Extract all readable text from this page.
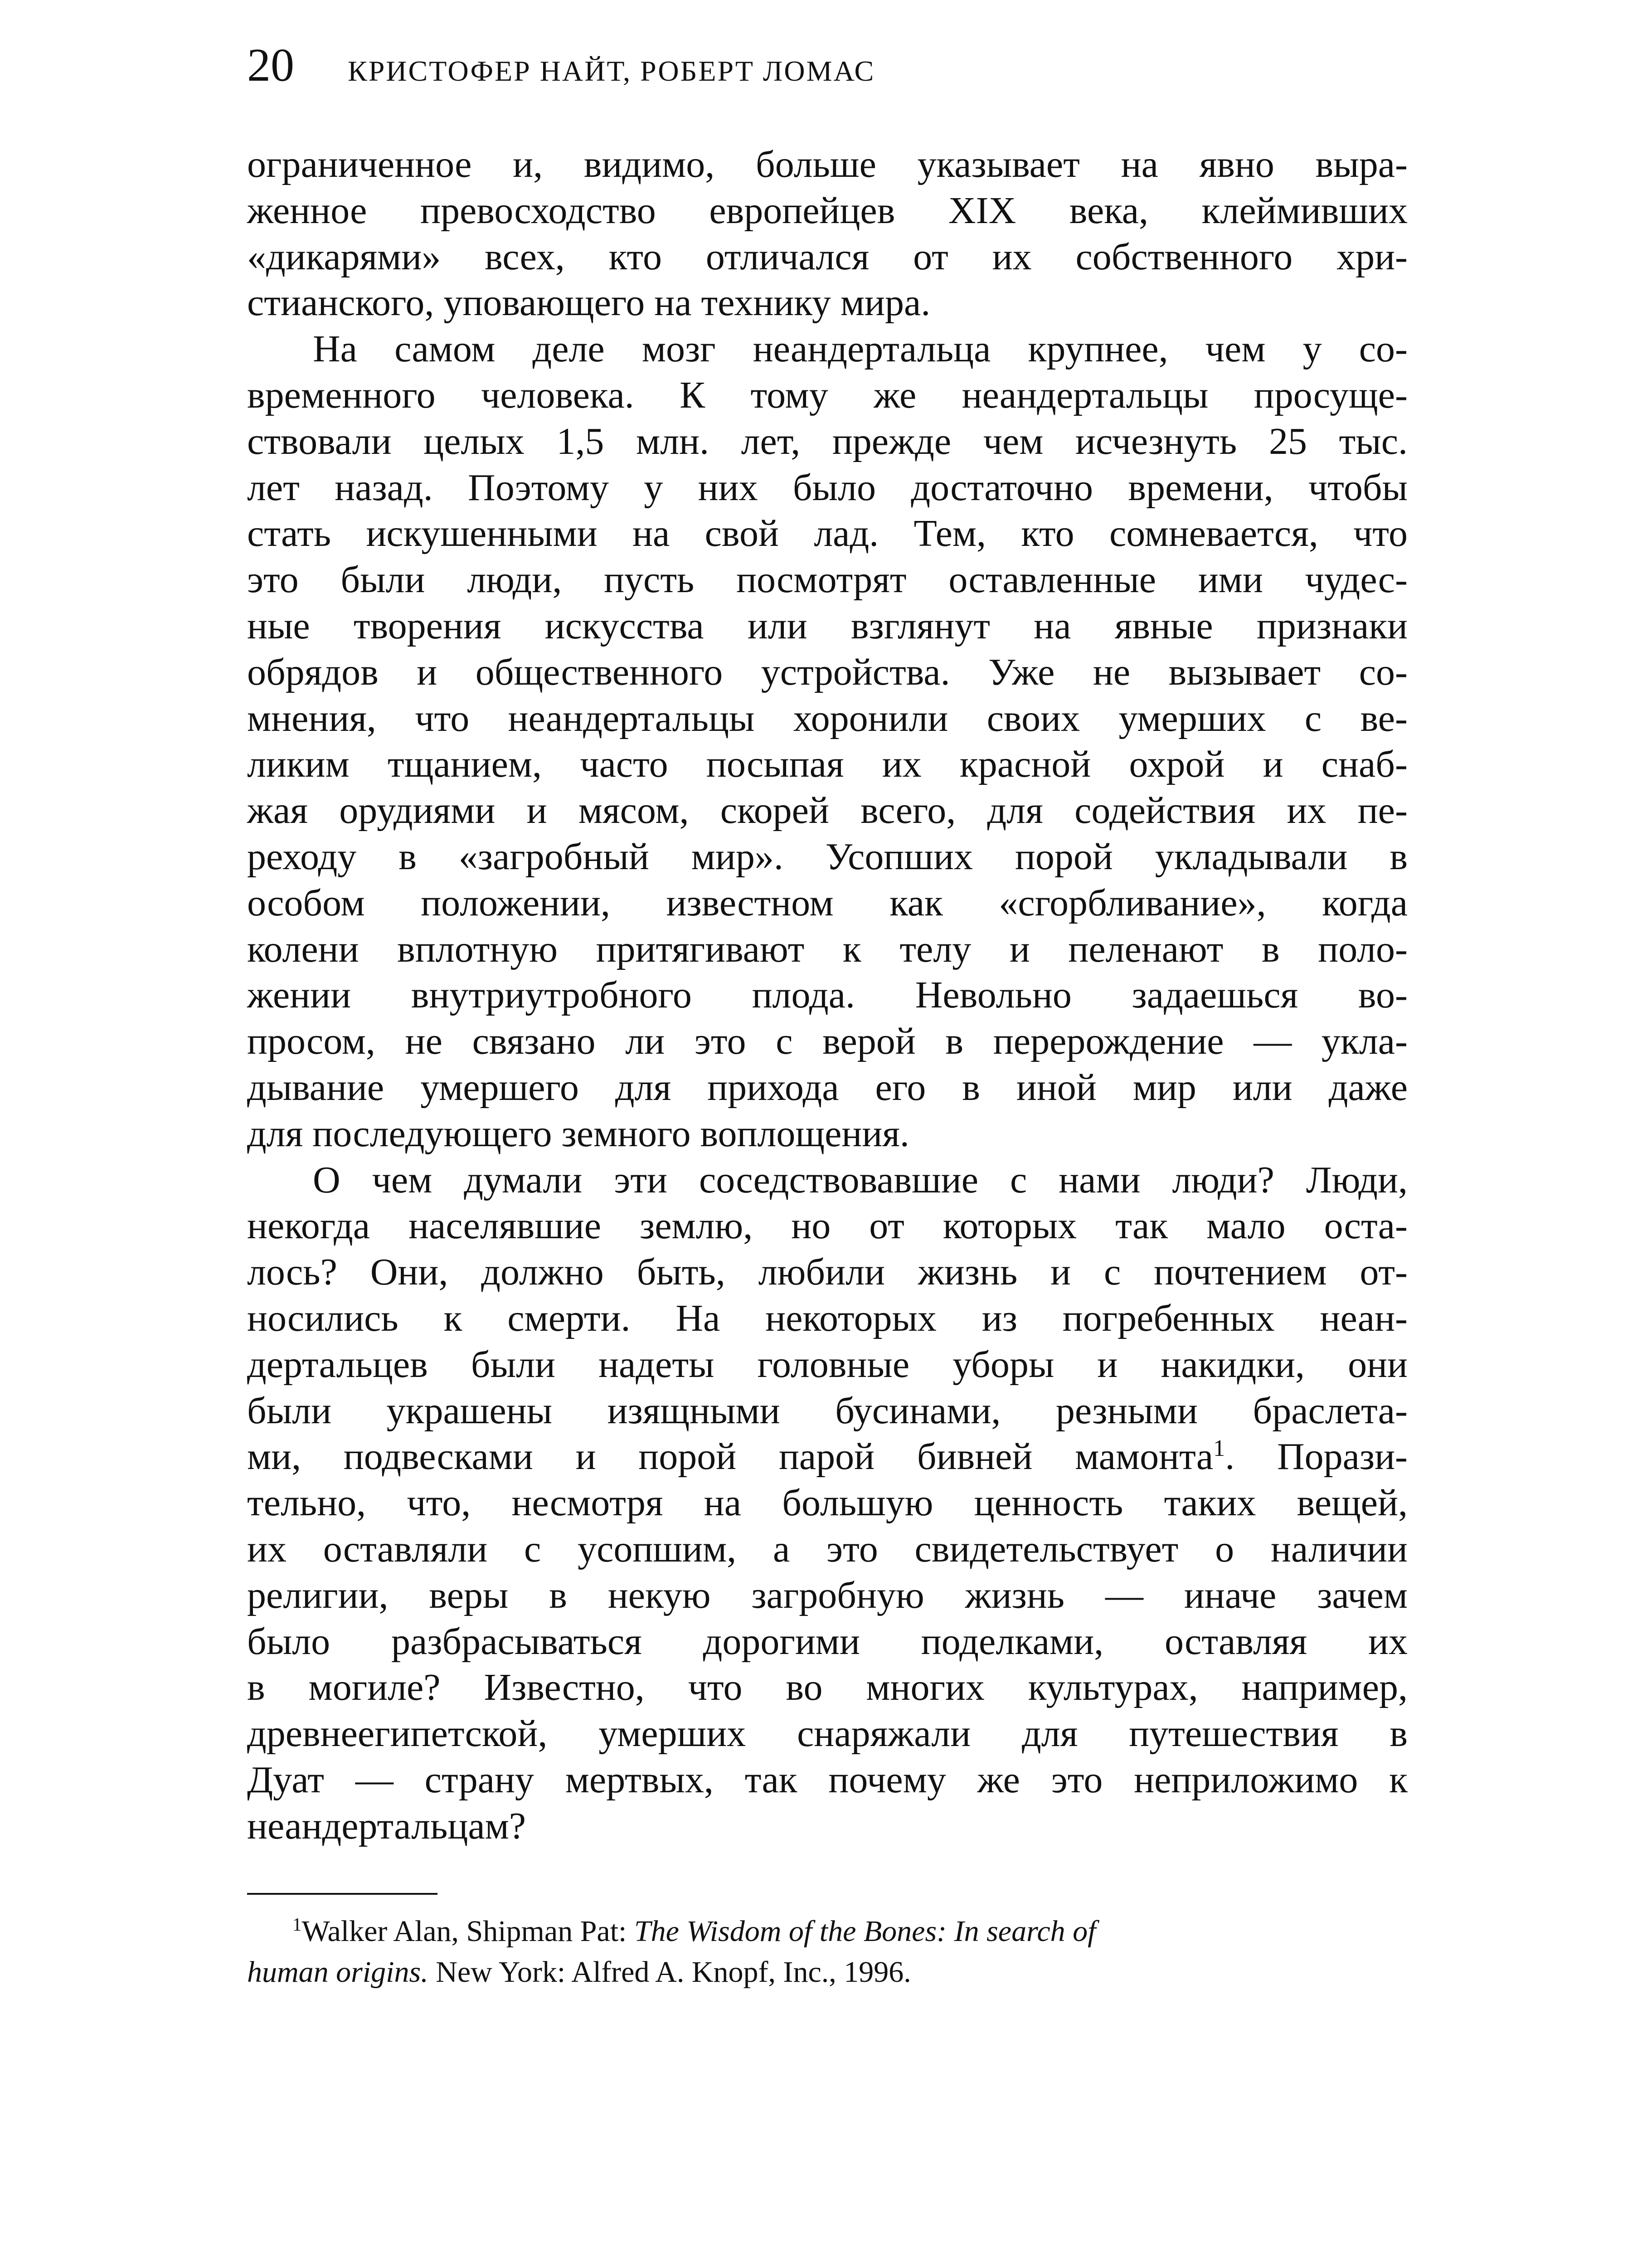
20 КРИСТОФЕР НАЙТ, РОБЕРТ ЛОМАС
ограниченное и, видимо, больше указывает на явно выра-
женное превосходство европейцев XIX века, клеймивших
«дикарями» всех, кто отличался от их собственного хри-
стианского, уповающего на технику мира.
На самом деле мозг неандертальца крупнее, чем у со-
временного человека. К тому же неандертальцы просуще-
ствовали целых 1,5 млн. лет, прежде чем исчезнуть 25 тыс.
лет назад. Поэтому у них было достаточно времени, чтобы
стать искушенными на свой лад. Тем, кто сомневается, что
это были люди, пусть посмотрят оставленные ими чудес-
ные творения искусства или взглянут на явные признаки
обрядов и общественного устройства. Уже не вызывает со-
мнения, что неандертальцы хоронили своих умерших с ве-
ликим тщанием, часто посыпая их красной охрой и снаб-
жая орудиями и мясом, скорей всего, для содействия их пе-
реходу в «загробный мир». Усопших порой укладывали в
особом положении, известном как «сгорбливание», когда
колени вплотную притягивают к телу и пеленают в поло-
жении внутриутробного плода. Невольно задаешься во-
просом, не связано ли это с верой в перерождение — укла-
дывание умершего для прихода его в иной мир или даже
для последующего земного воплощения.
О чем думали эти соседствовавшие с нами люди? Люди,
некогда населявшие землю, но от которых так мало оста-
лось? Они, должно быть, любили жизнь и с почтением от-
носились к смерти. На некоторых из погребенных неан-
дертальцев были надеты головные уборы и накидки, они
были украшены изящными бусинами, резными браслета-
ми, подвесками и порой парой бивней мамонта$^1$. Порази-
тельно, что, несмотря на большую ценность таких вещей,
их оставляли с усопшим, а это свидетельствует о наличии
религии, веры в некую загробную жизнь — иначе зачем
было разбрасываться дорогими поделками, оставляя их
в могиле? Известно, что во многих культурах, например,
древнеегипетской, умерших снаряжали для путешествия в
Дуат — страну мертвых, так почему же это неприложимо к
неандертальцам?
$^1$Walker Alan, Shipman Pat: The Wisdom of the Bones: In search of
human origins. New York: Alfred A. Knopf, Inc., 1996.
